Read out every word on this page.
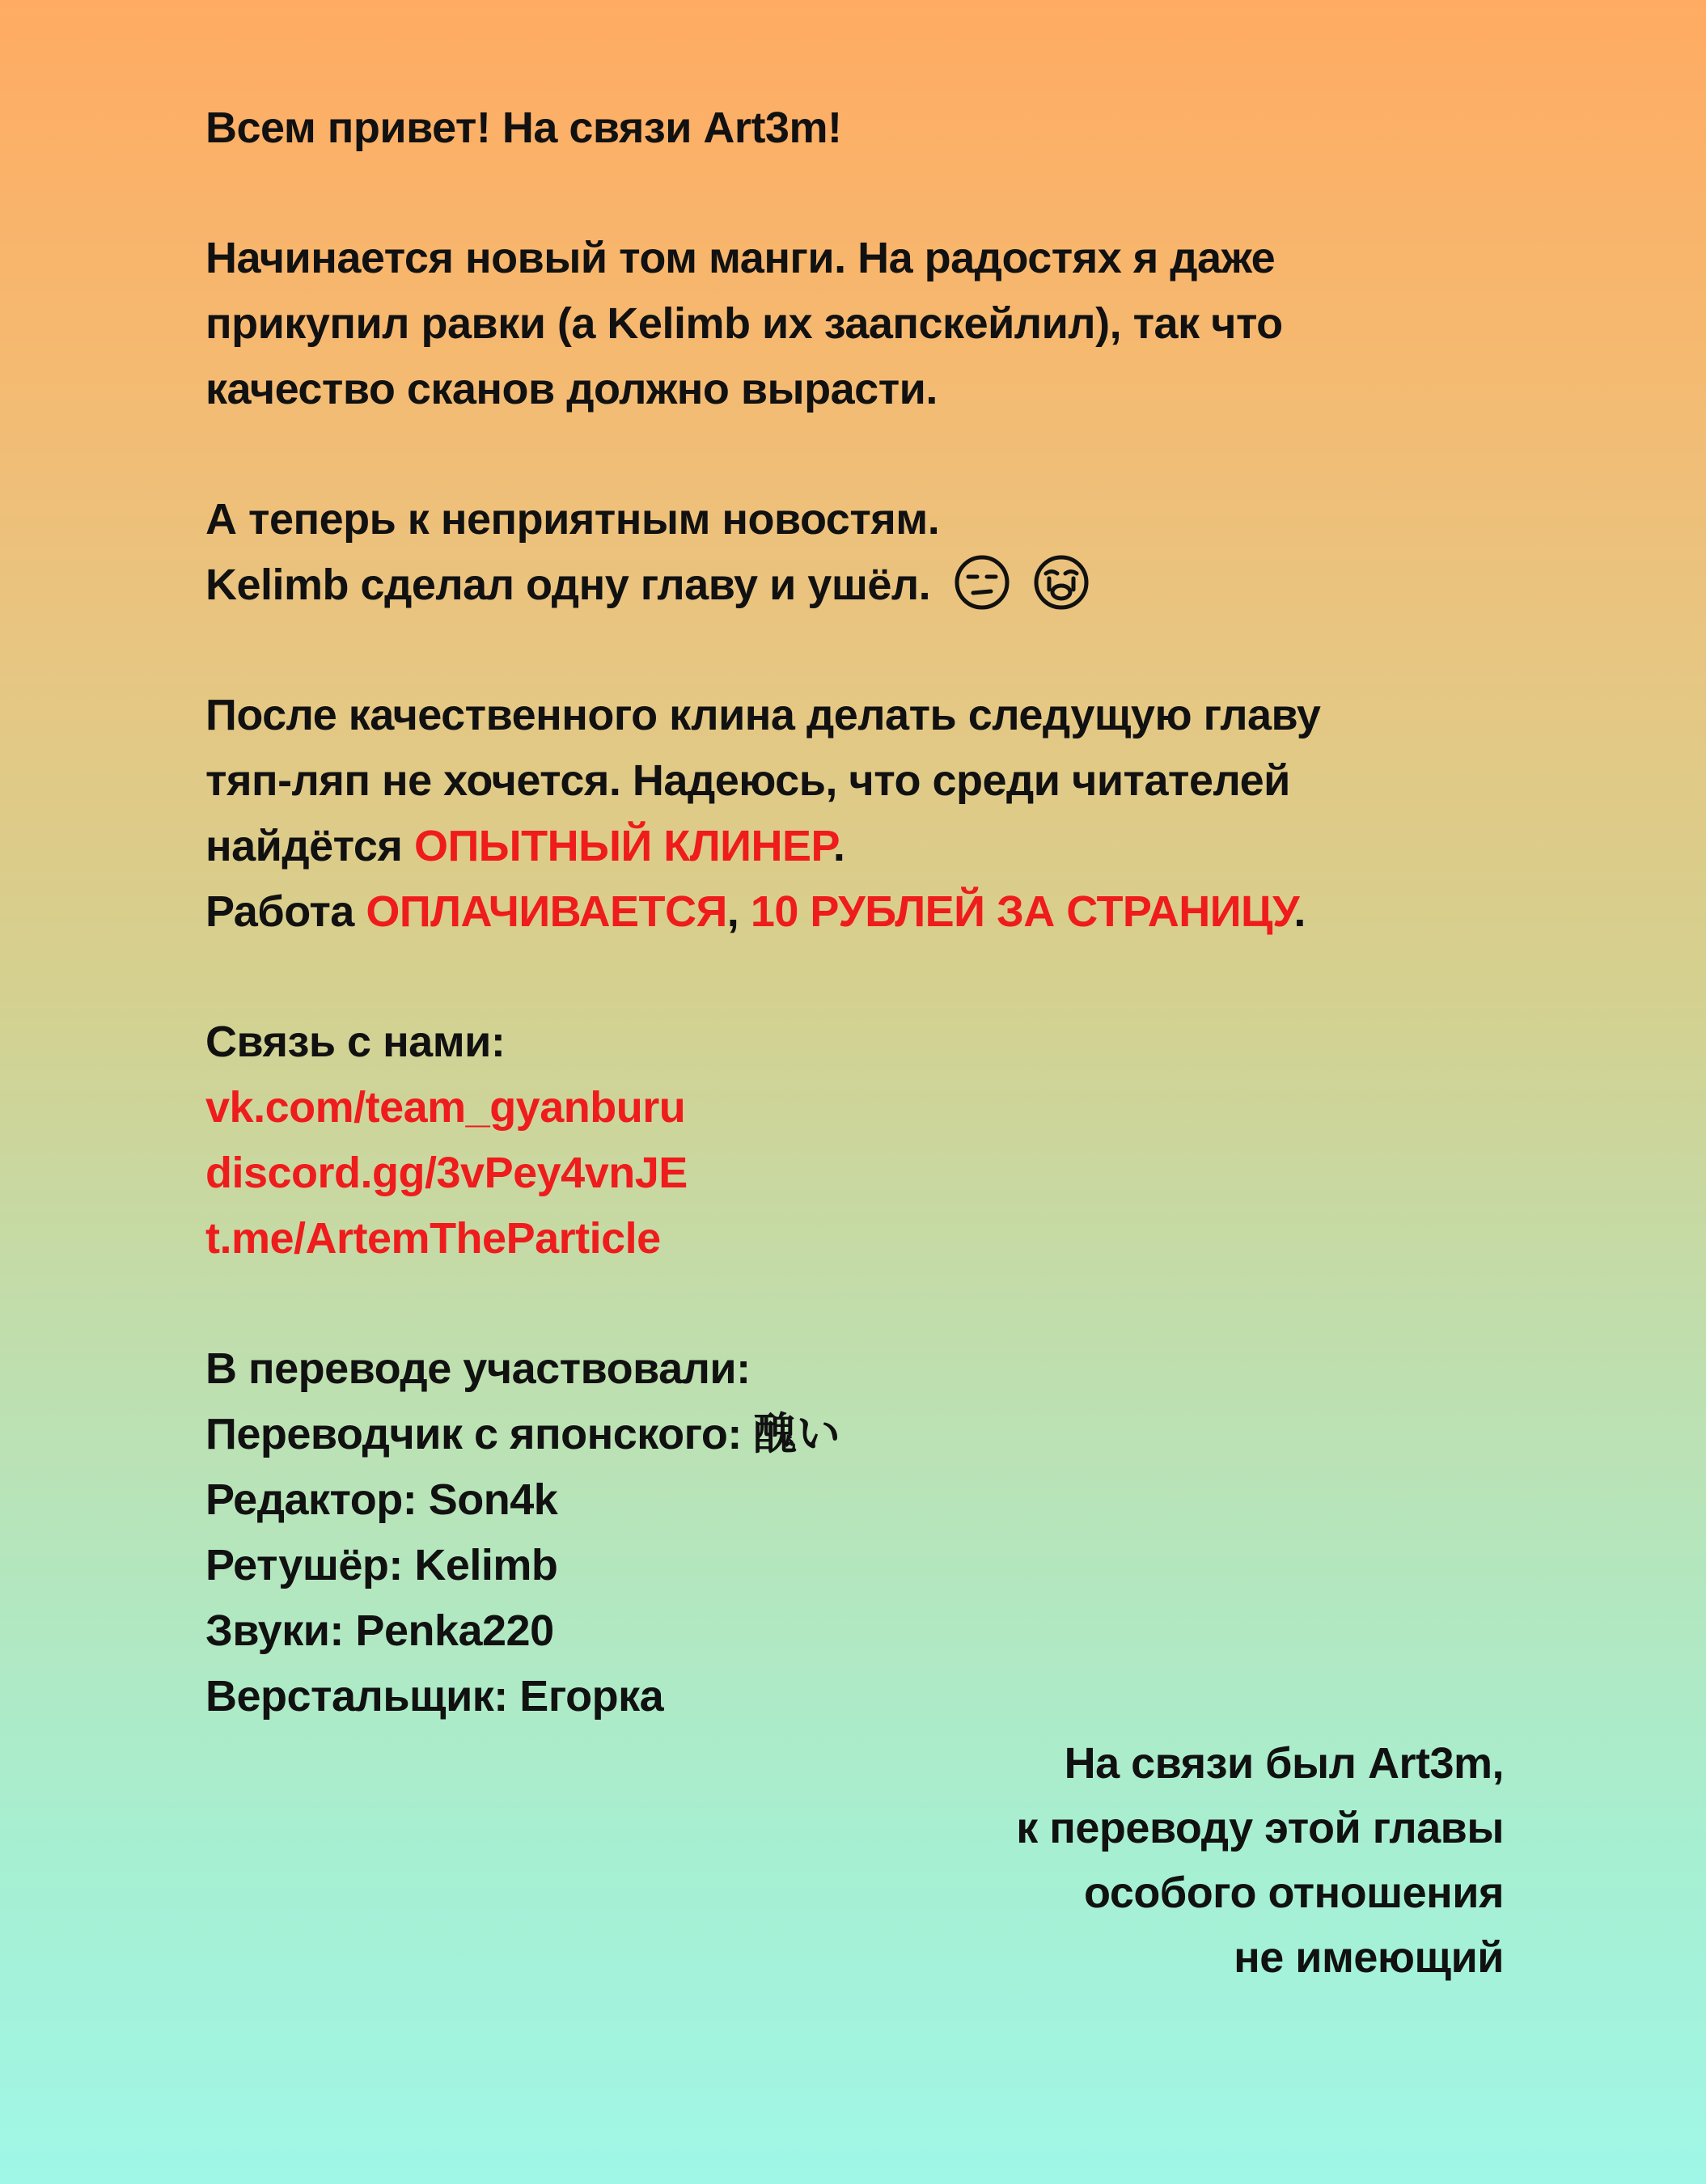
Всем привет! На связи Art3m!
Начинается новый том манги. На радостях я даже
прикупил равки (а Kelimb их заапскейлил), так что
качество сканов должно вырасти.
А теперь к неприятным новостям.
Kelimb сделал одну главу и ушёл.
После качественного клина делать следущую главу
тяп-ляп не хочется. Надеюсь, что среди читателей
найдётся ОПЫТНЫЙ КЛИНЕР.
Работа ОПЛАЧИВАЕТСЯ, 10 РУБЛЕЙ ЗА СТРАНИЦУ.
Связь с нами:
vk.com/team_gyanburu
discord.gg/3vPey4vnJE
t.me/ArtemTheParticle
В переводе участвовали:
Переводчик с японского: 醜い
Редактор: Son4k
Ретушёр: Kelimb
Звуки: Penka220
Верстальщик: Егорка
На связи был Art3m,
к переводу этой главы
особого отношения
не имеющий
